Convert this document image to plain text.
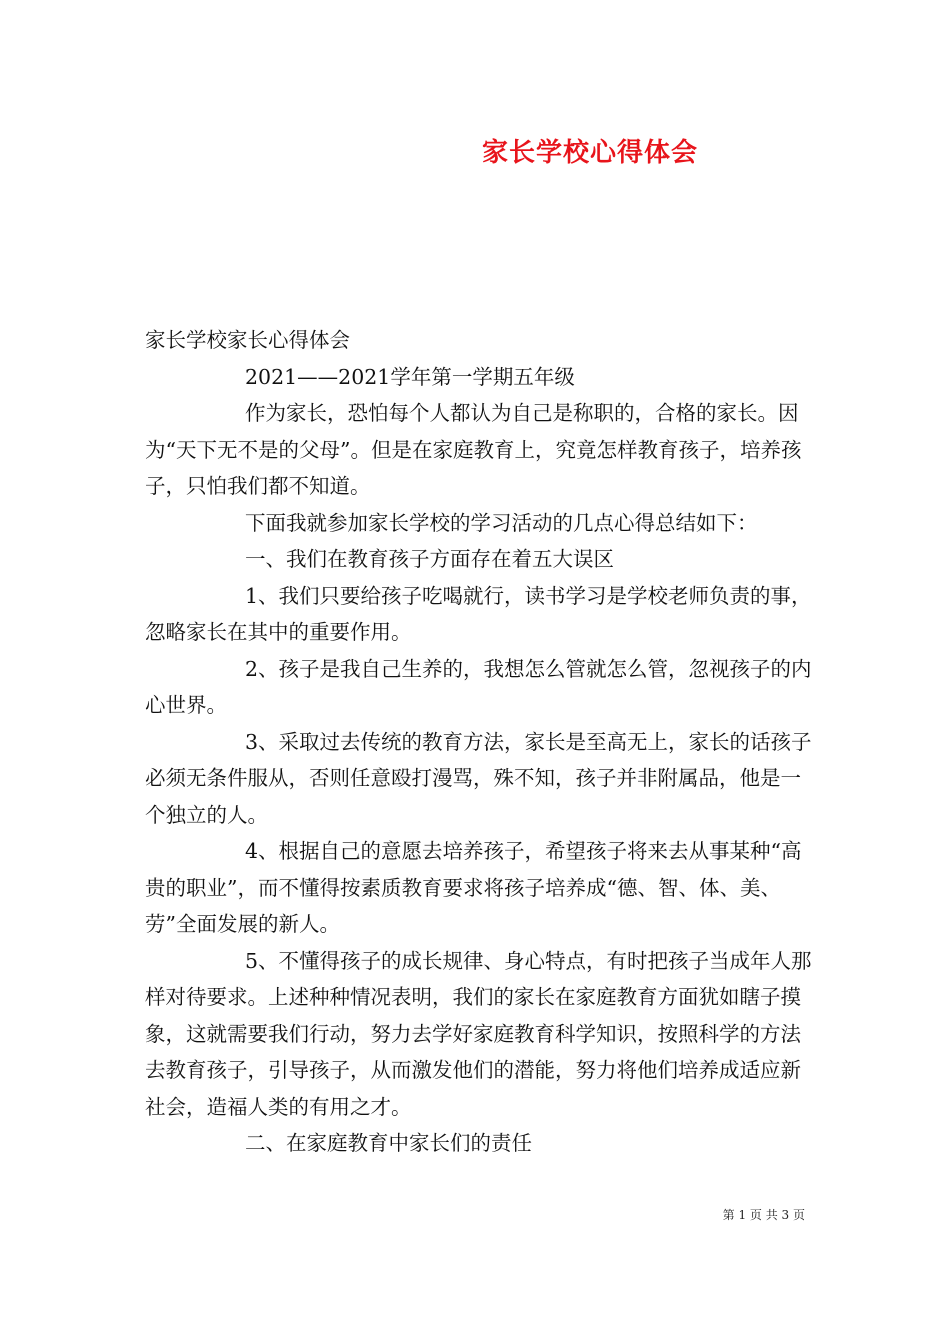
家长学校心得体会

家长学校家长心得体会

2021——2021学年第一学期五年级

作为家长，恐怕每个人都认为自己是称职的，合格的家长。因为“天下无不是的父母”。但是在家庭教育上，究竟怎样教育孩子，培养孩子，只怕我们都不知道。

下面我就参加家长学校的学习活动的几点心得总结如下：

一、我们在教育孩子方面存在着五大误区

1、我们只要给孩子吃喝就行，读书学习是学校老师负责的事，忽略家长在其中的重要作用。

2、孩子是我自己生养的，我想怎么管就怎么管，忽视孩子的内心世界。

3、采取过去传统的教育方法，家长是至高无上，家长的话孩子必须无条件服从，否则任意殴打漫骂，殊不知，孩子并非附属品，他是一个独立的人。

4、根据自己的意愿去培养孩子，希望孩子将来去从事某种“高贵的职业”，而不懂得按素质教育要求将孩子培养成“德、智、体、美、劳”全面发展的新人。

5、不懂得孩子的成长规律、身心特点，有时把孩子当成年人那样对待要求。上述种种情况表明，我们的家长在家庭教育方面犹如瞎子摸象，这就需要我们行动，努力去学好家庭教育科学知识，按照科学的方法去教育孩子，引导孩子，从而激发他们的潜能，努力将他们培养成适应新社会，造福人类的有用之才。

二、在家庭教育中家长们的责任

第 1 页 共 3 页
